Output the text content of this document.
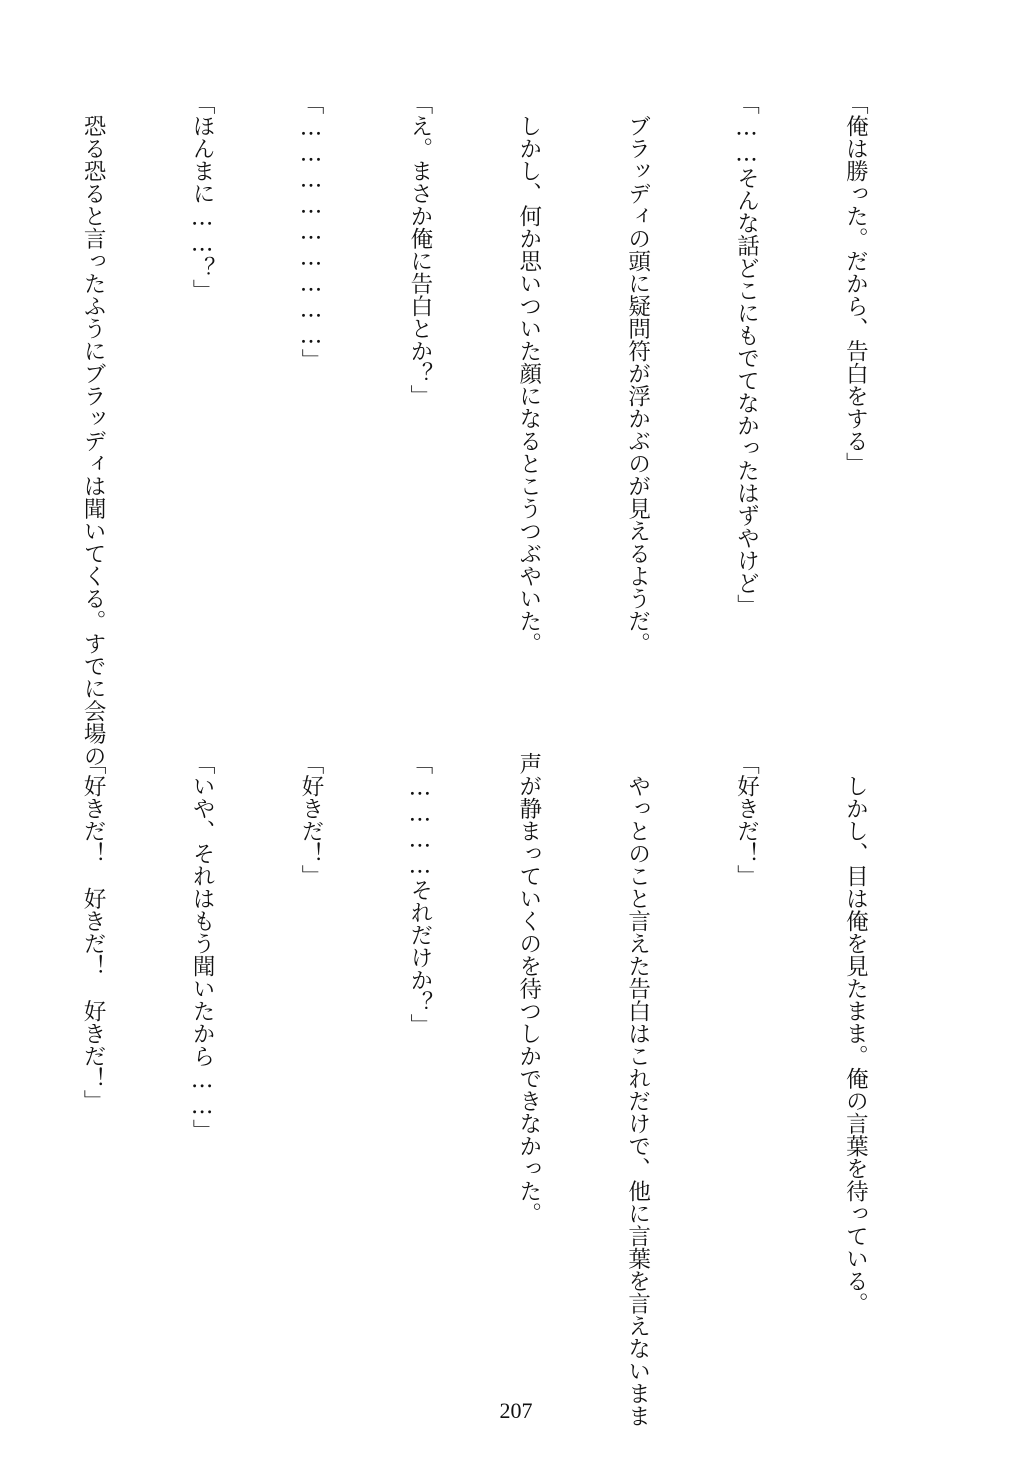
「俺は勝った。だから、告白をする」

「……そんな話どこにもでてなかったはずやけど」

　ブラッディの頭に疑問符が浮かぶのが見えるようだ。

　しかし、何か思いついた顔になるとこうつぶやいた。

「え。まさか俺に告白とか？」

「………………………」

「ほんまに……？」

　恐る恐ると言ったふうにブラッディは聞いてくる。すでに会場の

　しかし、目は俺を見たまま。俺の言葉を待っている。

「好きだ！」

　やっとのこと言えた告白はこれだけで、他に言葉を言えないまま

声が静まっていくのを待つしかできなかった。

「…………それだけか？」

「好きだ！」

「いや、それはもう聞いたから……」

「好きだ！　好きだ！　好きだ！」

207
